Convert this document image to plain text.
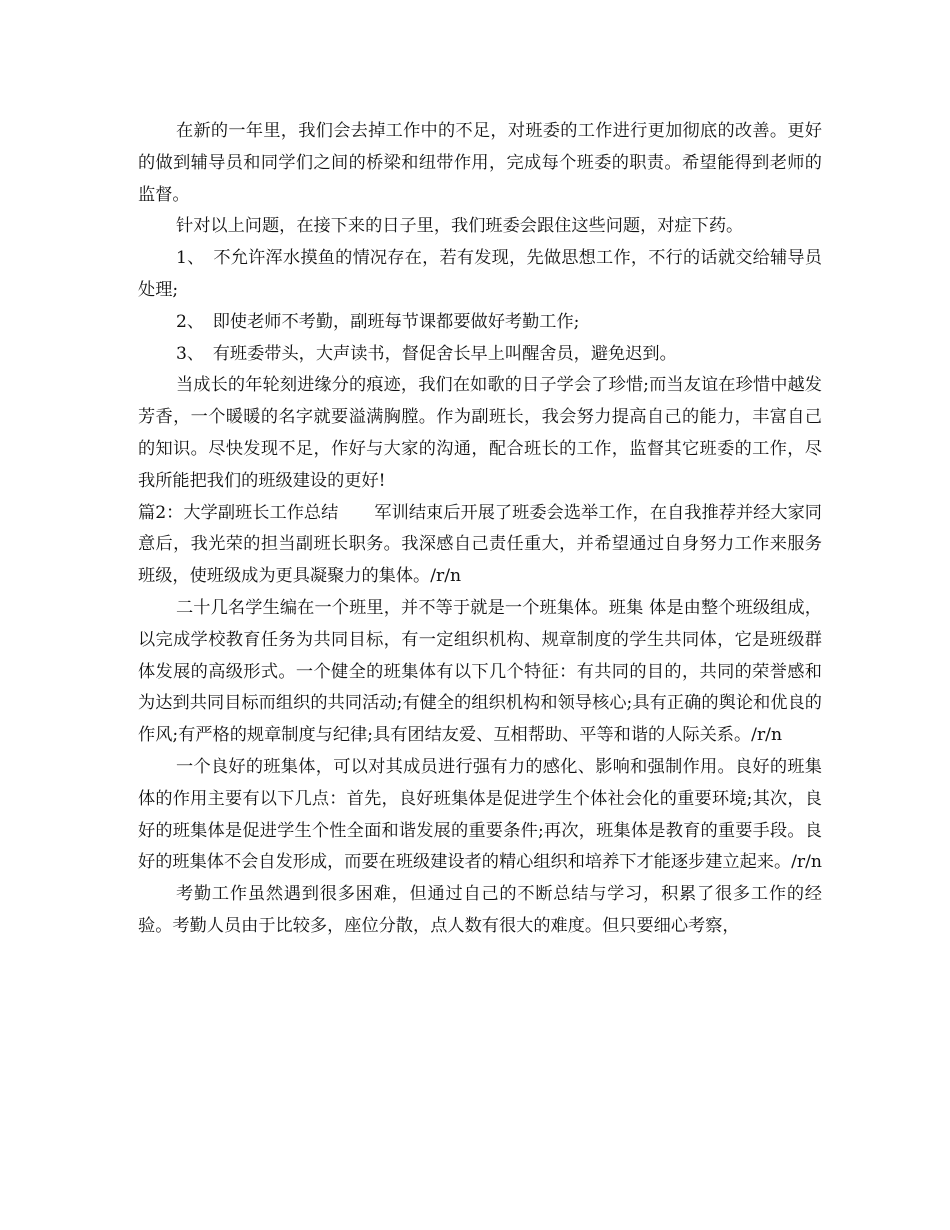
在新的一年里，我们会去掉工作中的不足，对班委的工作进行更加彻底的改善。更好的做到辅导员和同学们之间的桥梁和纽带作用，完成每个班委的职责。希望能得到老师的监督。

针对以上问题，在接下来的日子里，我们班委会跟住这些问题，对症下药。

1、　不允许浑水摸鱼的情况存在，若有发现，先做思想工作，不行的话就交给辅导员处理;

2、　即使老师不考勤，副班每节课都要做好考勤工作;

3、　有班委带头，大声读书，督促舍长早上叫醒舍员，避免迟到。

当成长的年轮刻进缘分的痕迹，我们在如歌的日子学会了珍惜;而当友谊在珍惜中越发芳香，一个暖暖的名字就要溢满胸膛。作为副班长，我会努力提高自己的能力，丰富自己的知识。尽快发现不足，作好与大家的沟通，配合班长的工作，监督其它班委的工作，尽我所能把我们的班级建设的更好!

篇2：大学副班长工作总结 军训结束后开展了班委会选举工作，在自我推荐并经大家同意后，我光荣的担当副班长职务。我深感自己责任重大，并希望通过自身努力工作来服务班级，使班级成为更具凝聚力的集体。/r/n

二十几名学生编在一个班里，并不等于就是一个班集体。班集 体是由整个班级组成，以完成学校教育任务为共同目标，有一定组织机构、规章制度的学生共同体，它是班级群体发展的高级形式。一个健全的班集体有以下几个特征：有共同的目的，共同的荣誉感和为达到共同目标而组织的共同活动;有健全的组织机构和领导核心;具有正确的舆论和优良的作风;有严格的规章制度与纪律;具有团结友爱、互相帮助、平等和谐的人际关系。/r/n

一个良好的班集体，可以对其成员进行强有力的感化、影响和强制作用。良好的班集体的作用主要有以下几点：首先，良好班集体是促进学生个体社会化的重要环境;其次，良好的班集体是促进学生个性全面和谐发展的重要条件;再次，班集体是教育的重要手段。良好的班集体不会自发形成，而要在班级建设者的精心组织和培养下才能逐步建立起来。/r/n

考勤工作虽然遇到很多困难，但通过自己的不断总结与学习，积累了很多工作的经验。考勤人员由于比较多，座位分散，点人数有很大的难度。但只要细心考察，
